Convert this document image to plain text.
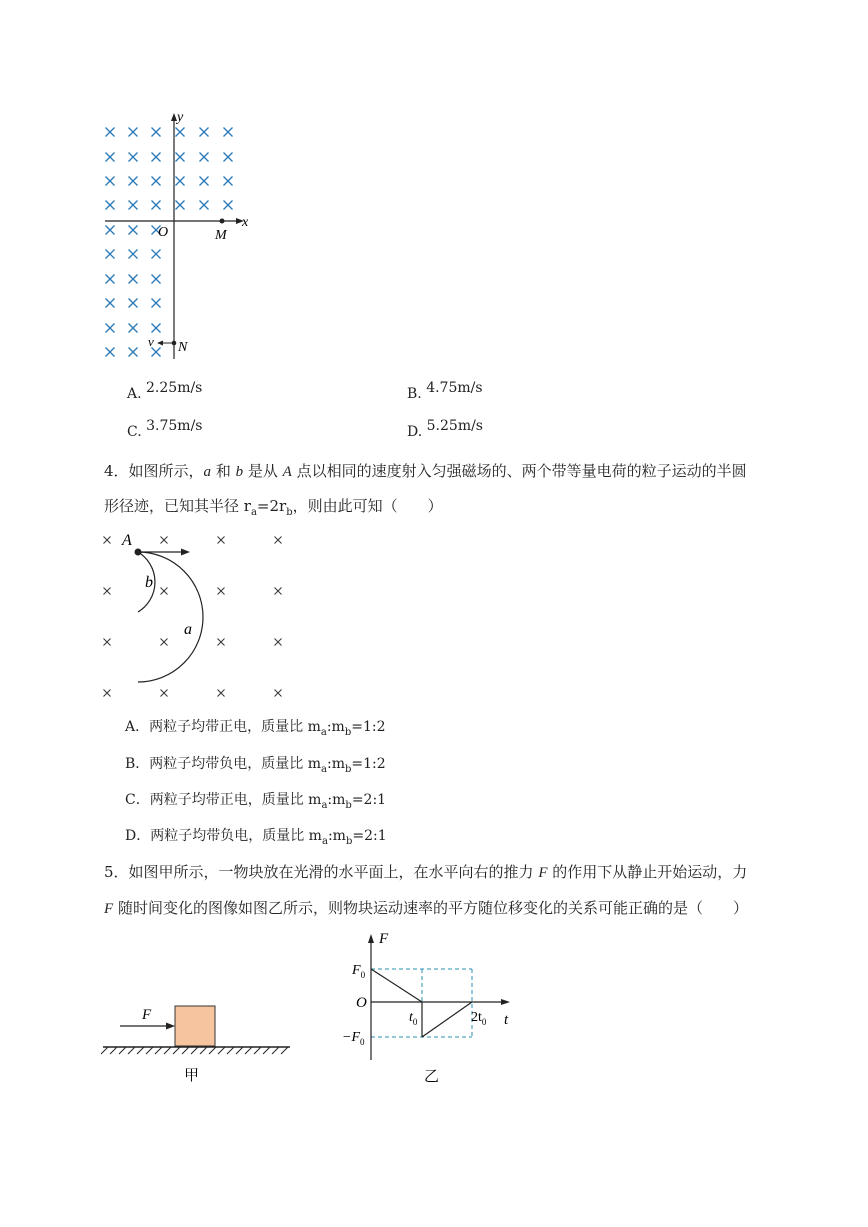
y
x
O	M
N
v
A. 2.25m/s	B. 4.75m/s
C. 3.75m/s	D. 5.25m/s
4．如图所示，a 和 b 是从 A 点以相同的速度射入匀强磁场的、两个带等量电荷的粒子运动的半圆
形径迹，已知其半径 $r_a=2r_b$，则由此可知（　　）
A
b
a
A．两粒子均带正电，质量比 $m_a:m_b=1:2$
B．两粒子均带负电，质量比 $m_a:m_b=1:2$
C．两粒子均带正电，质量比 $m_a:m_b=2:1$
D．两粒子均带负电，质量比 $m_a:m_b=2:1$
5．如图甲所示，一物块放在光滑的水平面上，在水平向右的推力 F 的作用下从静止开始运动，力
F 随时间变化的图像如图乙所示，则物块运动速率的平方随位移变化的关系可能正确的是（　　）
F
甲
F
t
$F_0$
$-F_0$
O
$t_0$	$2t_0$
乙
